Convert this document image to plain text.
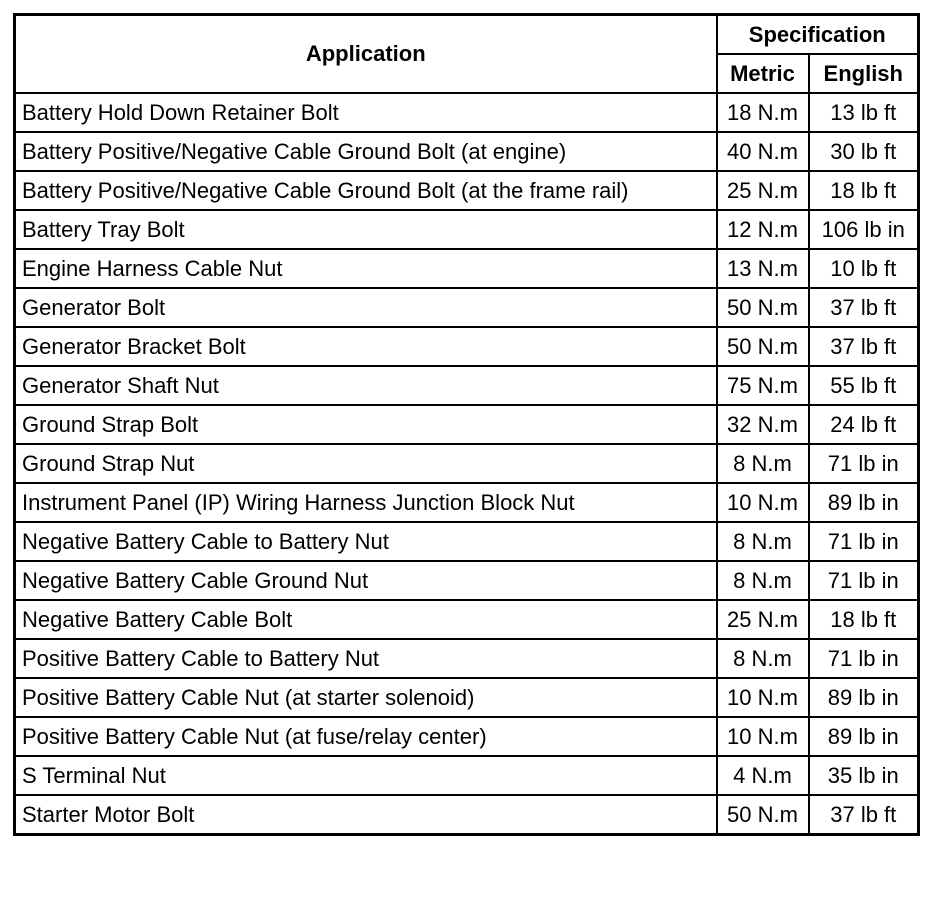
Application	Specification	
	Metric	English
Battery Hold Down Retainer Bolt	18 N.m	13 lb ft
Battery Positive/Negative Cable Ground Bolt (at engine)	40 N.m	30 lb ft
Battery Positive/Negative Cable Ground Bolt (at the frame rail)	25 N.m	18 lb ft
Battery Tray Bolt	12 N.m	106 lb in
Engine Harness Cable Nut	13 N.m	10 lb ft
Generator Bolt	50 N.m	37 lb ft
Generator Bracket Bolt	50 N.m	37 lb ft
Generator Shaft Nut	75 N.m	55 lb ft
Ground Strap Bolt	32 N.m	24 lb ft
Ground Strap Nut	8 N.m	71 lb in
Instrument Panel (IP) Wiring Harness Junction Block Nut	10 N.m	89 lb in
Negative Battery Cable to Battery Nut	8 N.m	71 lb in
Negative Battery Cable Ground Nut	8 N.m	71 lb in
Negative Battery Cable Bolt	25 N.m	18 lb ft
Positive Battery Cable to Battery Nut	8 N.m	71 lb in
Positive Battery Cable Nut (at starter solenoid)	10 N.m	89 lb in
Positive Battery Cable Nut (at fuse/relay center)	10 N.m	89 lb in
S Terminal Nut	4 N.m	35 lb in
Starter Motor Bolt	50 N.m	37 lb ft
